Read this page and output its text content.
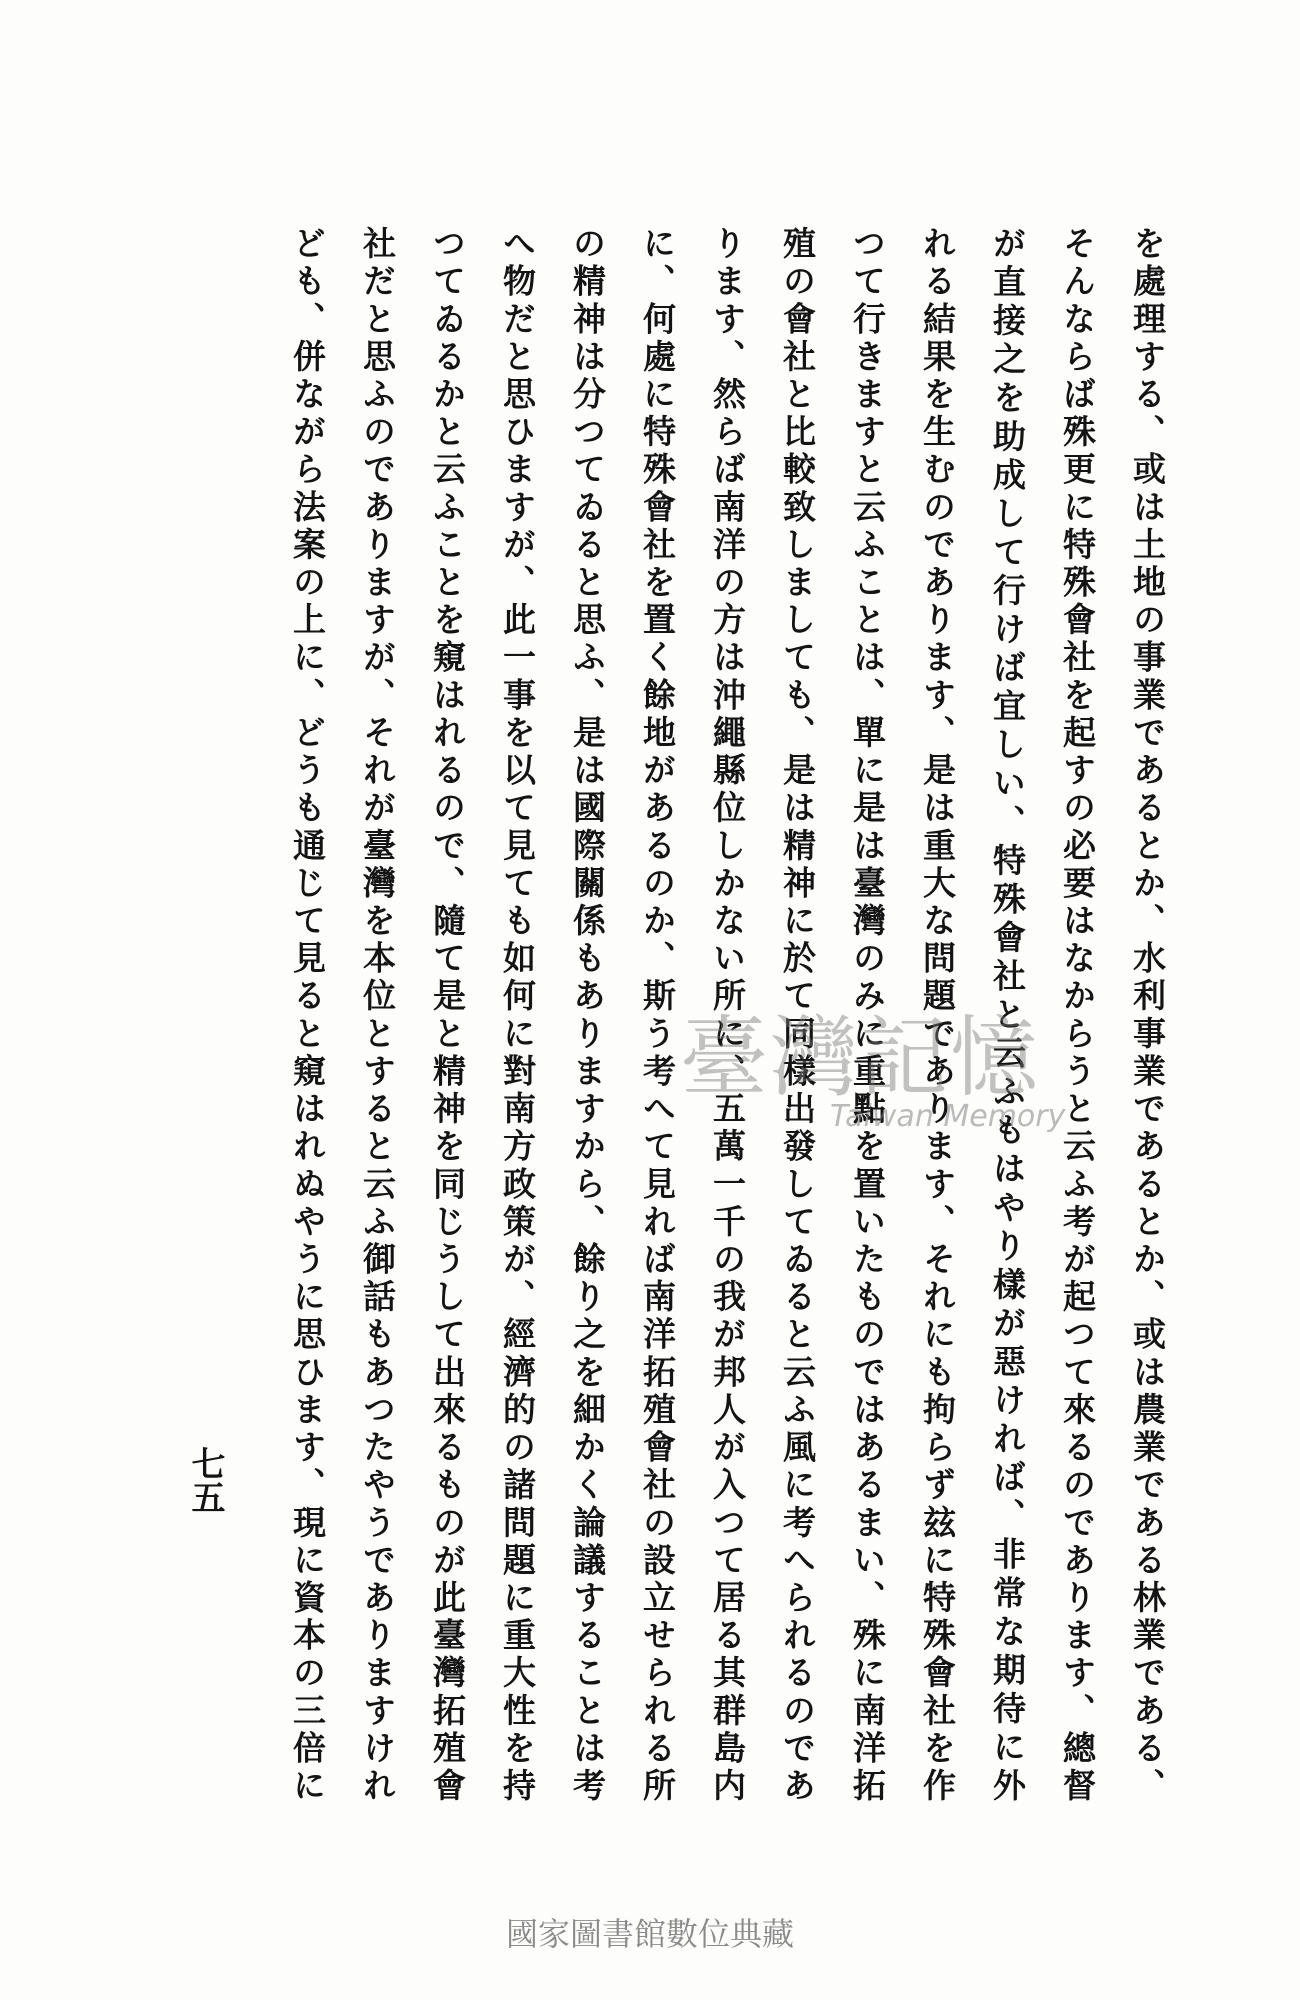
を處理する、或は土地の事業であるとか、水利事業であるとか、或は農業である林業である、
そんならば殊更に特殊會社を起すの必要はなからうと云ふ考が起つて來るのであります、總督
が直接之を助成して行けば宜しい、特殊會社と云ふもはやり樣が惡ければ、非常な期待に外
れる結果を生むのであります、是は重大な問題であります、それにも拘らず玆に特殊會社を作
つて行きますと云ふことは、單に是は臺灣のみに重點を置いたものではあるまい、殊に南洋拓
殖の會社と比較致しましても、是は精神に於て同樣出發してゐると云ふ風に考へられるのであ
ります、然らば南洋の方は沖繩縣位しかない所に、五萬一千の我が邦人が入つて居る其群島内
に、何處に特殊會社を置く餘地があるのか、斯う考へて見れば南洋拓殖會社の設立せられる所
の精神は分つてゐると思ふ、是は國際關係もありますから、餘り之を細かく論議することは考
へ物だと思ひますが、此一事を以て見ても如何に對南方政策が、經濟的の諸問題に重大性を持
つてゐるかと云ふことを窺はれるので、隨て是と精神を同じうして出來るものが此臺灣拓殖會
社だと思ふのでありますが、それが臺灣を本位とすると云ふ御話もあつたやうでありますけれ
ども、併ながら法案の上に、どうも通じて見ると窺はれぬやうに思ひます、現に資本の三倍に
七五
臺灣記憶
Taiwan Memory
國家圖書館數位典藏
